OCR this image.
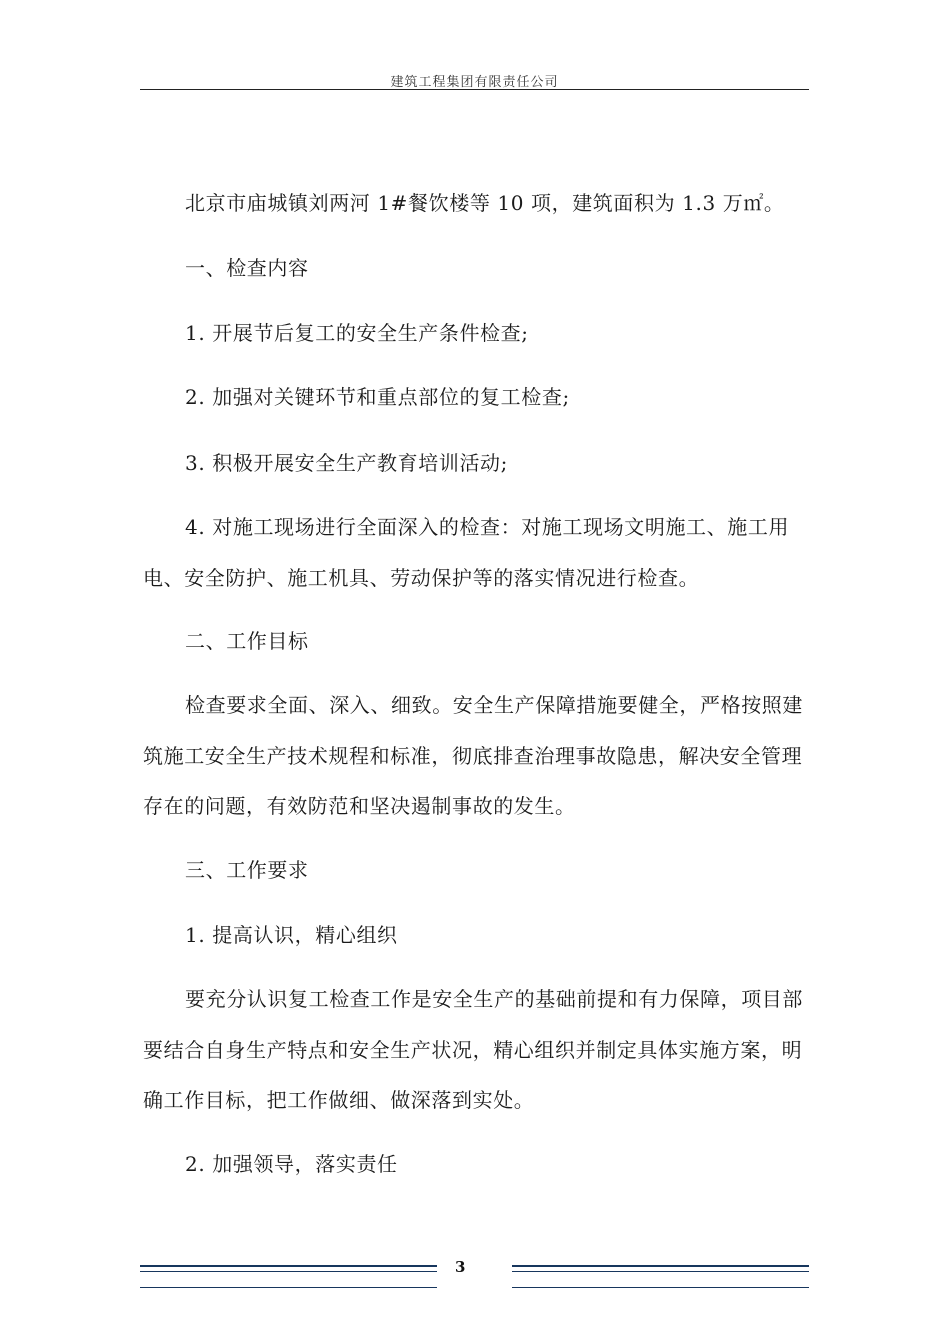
建筑工程集团有限责任公司
北京市庙城镇刘两河 1#餐饮楼等 10 项，建筑面积为 1.3 万㎡。
一、检查内容
1. 开展节后复工的安全生产条件检查;
2. 加强对关键环节和重点部位的复工检查;
3. 积极开展安全生产教育培训活动;
4. 对施工现场进行全面深入的检查：对施工现场文明施工、施工用
电、安全防护、施工机具、劳动保护等的落实情况进行检查。
二、工作目标
检查要求全面、深入、细致。安全生产保障措施要健全，严格按照建
筑施工安全生产技术规程和标准，彻底排查治理事故隐患，解决安全管理
存在的问题，有效防范和坚决遏制事故的发生。
三、工作要求
1. 提高认识，精心组织
要充分认识复工检查工作是安全生产的基础前提和有力保障，项目部
要结合自身生产特点和安全生产状况，精心组织并制定具体实施方案，明
确工作目标，把工作做细、做深落到实处。
2. 加强领导，落实责任
3
